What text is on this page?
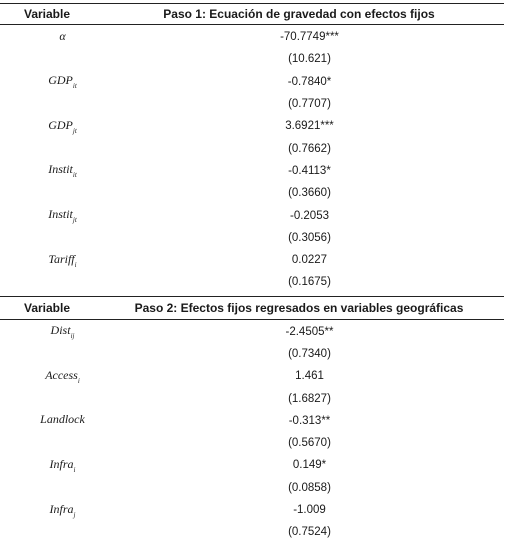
Variable	Paso 1: Ecuación de gravedad con efectos fijos
α	-70.7749***
(10.621)
$GDP_{it}$	-0.7840*
(0.7707)
$GDP_{jt}$	3.6921***
(0.7662)
Instit$_{it}$	-0.4113*
(0.3660)
Instit$_{jt}$	-0.2053
(0.3056)
Tariff$_i$	0.0227
(0.1675)
Variable	Paso 2: Efectos fijos regresados en variables geográficas
Dist$_{ij}$	-2.4505**
(0.7340)
Access$_i$	1.461
(1.6827)
Landlock	-0.313**
(0.5670)
Infra$_i$	0.149*
(0.0858)
Infra$_j$	-1.009
(0.7524)
